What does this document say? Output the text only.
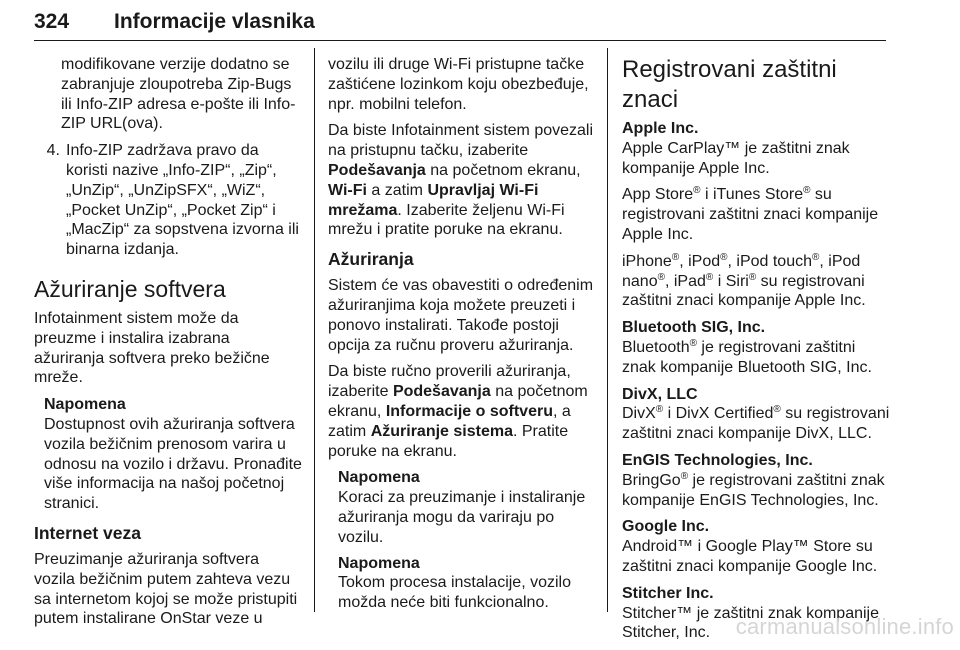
324 Informacije vlasnika

modifikovane verzije dodatno se zabranjuje zloupotreba Zip-Bugs ili Info-ZIP adresa e-pošte ili Info-ZIP URL(ova).

4. Info-ZIP zadržava pravo da koristi nazive „Info-ZIP“, „Zip“, „UnZip“, „UnZipSFX“, „WiZ“, „Pocket UnZip“, „Pocket Zip“ i „MacZip“ za sopstvena izvorna ili binarna izdanja.
Ažuriranje softvera

Infotainment sistem može da preuzme i instalira izabrana ažuriranja softvera preko bežične mreže.

Napomena
Dostupnost ovih ažuriranja softvera vozila bežičnim prenosom varira u odnosu na vozilo i državu. Pronađite više informacija na našoj početnoj stranici.
Internet veza

Preuzimanje ažuriranja softvera vozila bežičnim putem zahteva vezu sa internetom kojoj se može pristupiti putem instalirane OnStar veze u

vozilu ili druge Wi-Fi pristupne tačke zaštićene lozinkom koju obezbeđuje, npr. mobilni telefon.

Da biste Infotainment sistem povezali na pristupnu tačku, izaberite Podešavanja na početnom ekranu, Wi-Fi a zatim Upravljaj Wi-Fi mrežama. Izaberite željenu Wi-Fi mrežu i pratite poruke na ekranu.

Ažuriranja

Sistem će vas obavestiti o određenim ažuriranjima koja možete preuzeti i ponovo instalirati. Takođe postoji opcija za ručnu proveru ažuriranja.

Da biste ručno proverili ažuriranja, izaberite Podešavanja na početnom ekranu, Informacije o softveru, a zatim Ažuriranje sistema. Pratite poruke na ekranu.

Napomena
Koraci za preuzimanje i instaliranje ažuriranja mogu da variraju po vozilu.
Napomena
Tokom procesa instalacije, vozilo možda neće biti funkcionalno.
Registrovani zaštitni znaci
Apple Inc.
Apple CarPlay™ je zaštitni znak kompanije Apple Inc.

App Store® i iTunes Store® su registrovani zaštitni znaci kompanije Apple Inc.

iPhone®, iPod®, iPod touch®, iPod nano®, iPad® i Siri® su registrovani zaštitni znaci kompanije Apple Inc.

Bluetooth SIG, Inc.
Bluetooth® je registrovani zaštitni znak kompanije Bluetooth SIG, Inc.
DivX, LLC
DivX® i DivX Certified® su registrovani zaštitni znaci kompanije DivX, LLC.
EnGIS Technologies, Inc.
BringGo® je registrovani zaštitni znak kompanije EnGIS Technologies, Inc.
Google Inc.
Android™ i Google Play™ Store su zaštitni znaci kompanije Google Inc.
Stitcher Inc.
Stitcher™ je zaštitni znak kompanije Stitcher, Inc.	carmanualsonline.info
